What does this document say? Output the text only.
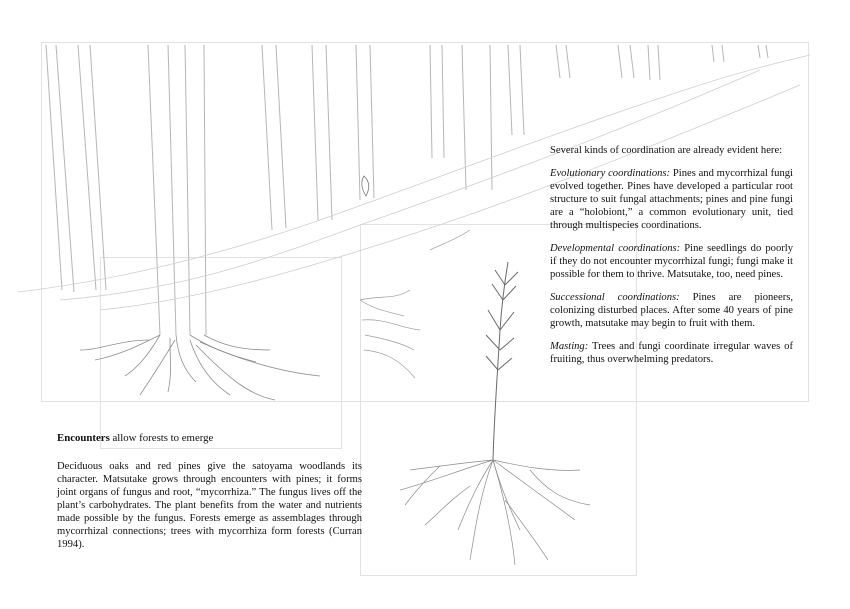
Several kinds of coordination are already evident here:

Evolutionary coordinations: Pines and mycorrhizal fungi evolved together. Pines have developed a particular root structure to suit fungal attachments; pines and pine fungi are a “holobiont,” a common evolutionary unit, tied through multispecies coordinations.

Developmental coordinations: Pine seedlings do poorly if they do not encounter mycorrhizal fungi; fungi make it possible for them to thrive. Matsutake, too, need pines.

Successional coordinations: Pines are pioneers, colonizing disturbed places. After some 40 years of pine growth, matsutake may begin to fruit with them.

Masting: Trees and fungi coordinate irregular waves of fruiting, thus overwhelming predators.

Encounters allow forests to emerge

Deciduous oaks and red pines give the satoyama woodlands its character. Matsutake grows through encounters with pines; it forms joint organs of fungus and root, “mycorrhiza.” The fungus lives off the plant’s carbohydrates. The plant benefits from the water and nutrients made possible by the fungus. Forests emerge as assemblages through mycorrhizal connections; trees with mycorrhiza form forests (Curran 1994).
